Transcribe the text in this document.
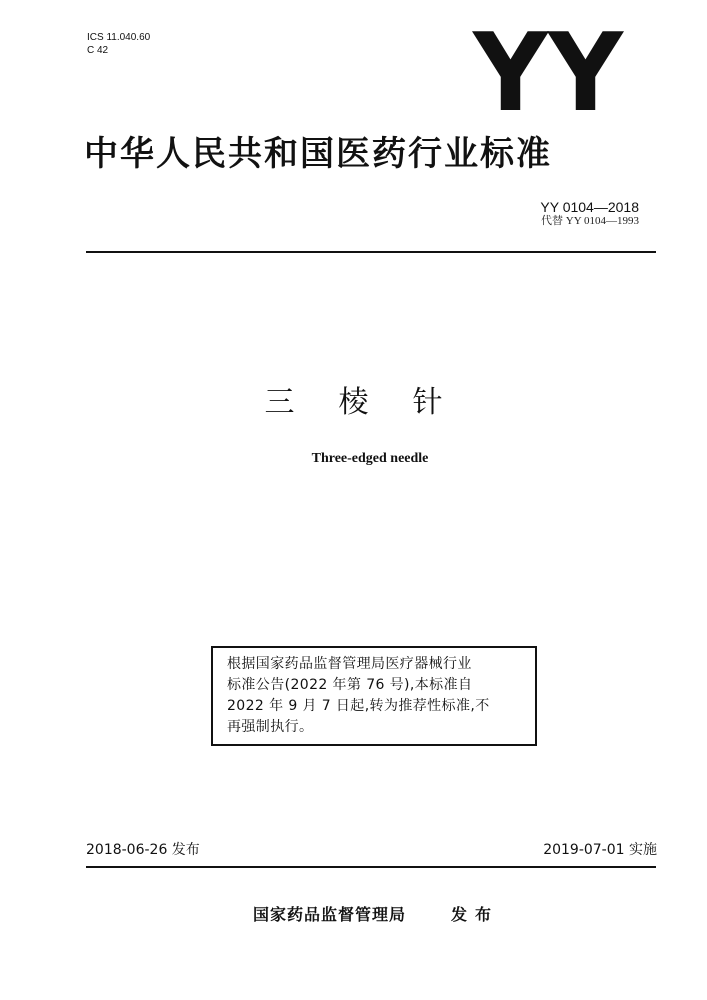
ICS 11.040.60
C 42	YY
中华人民共和国医药行业标准
YY 0104—2018
代替 YY 0104—1993
三棱针
Three-edged needle

根据国家药品监督管理局医疗器械行业

标准公告(2022 年第 76 号),本标准自

2022 年 9 月 7 日起,转为推荐性标准,不

再强制执行。

2018-06-26 发布	2019-07-01 实施
国家药品监督管理局	发布
